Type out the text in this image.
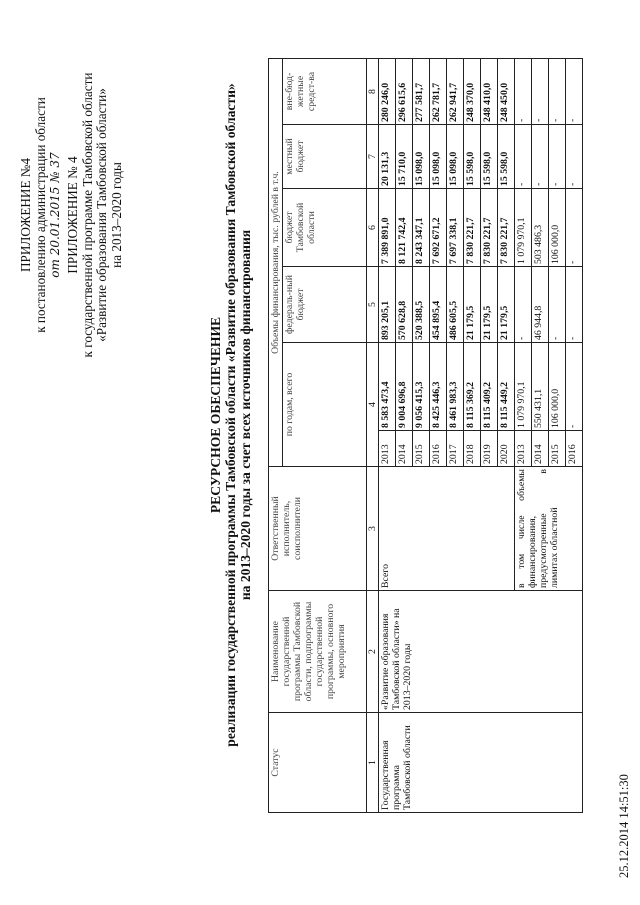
ПРИЛОЖЕНИЕ №4 к постановлению администрации области от 20.01.2015 № 37 ПРИЛОЖЕНИЕ № 4 к государственной программе Тамбовской области «Развитие образования Тамбовской области» на 2013–2020 годы
РЕСУРСНОЕ ОБЕСПЕЧЕНИЕ реализации государственной программы Тамбовской области «Развитие образования Тамбовской области» на 2013–2020 годы за счет всех источников финансирования
Статус	Наименование государственной программы Тамбовской области, подпрограммы государственной программы, основного мероприятия	Ответственный исполнитель, соисполнители	Объемы финансирования, тыс. рублей в т.ч.					
			по годам, всего		федераль-ный бюджет	бюджет Тамбовской области	местный бюджет	вне-бюд-жетные средст-ва
1	2	3	4		5	6	7	8
Государственная программа Тамбовской области	«Развитие образования Тамбовской области» на 2013–2020 годы	Всего	2013	8 583 473,4	893 205,1	7 389 891,0	20 131,3	280 246,0
			2014	9 004 696,8	570 628,8	8 121 742,4	15 710,0	296 615,6
			2015	9 056 415,3	520 388,5	8 243 347,1	15 098,0	277 581,7
			2016	8 425 446,3	454 895,4	7 692 671,2	15 098,0	262 781,7
			2017	8 461 983,3	486 605,5	7 697 338,1	15 098,0	262 941,7
			2018	8 115 369,2	21 179,5	7 830 221,7	15 598,0	248 370,0
			2019	8 115 409,2	21 179,5	7 830 221,7	15 598,0	248 410,0
			2020	8 115 449,2	21 179,5	7 830 221,7	15 598,0	248 450,0
		в том числе объемы финансирования, предусмотренные в лимитах областной	2013	1 079 970,1	-	1 079 970,1	-	-
			2014	550 431,1	46 944,8	503 486,3	-	-
			2015	106 000,0	-	106 000,0	-	-
			2016	-	-	-	-	-
25.12.2014 14:51:30
